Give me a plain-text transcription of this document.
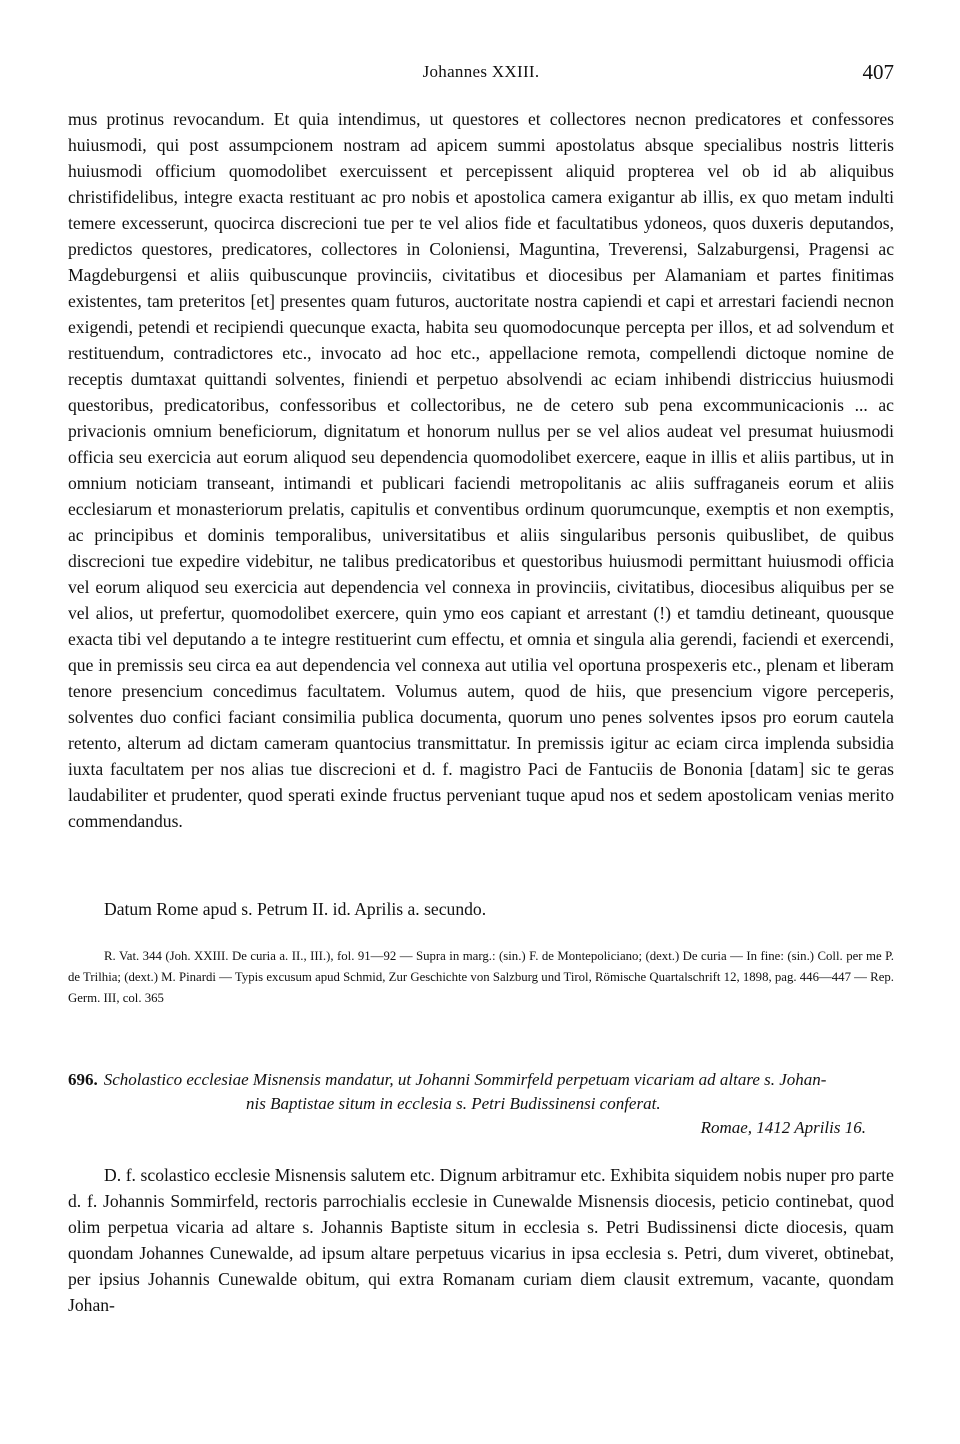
Johannes XXIII.	407

mus protinus revocandum. Et quia intendimus, ut questores et collectores necnon predicatores et confessores huiusmodi, qui post assumpcionem nostram ad apicem summi apostolatus absque specialibus nostris litteris huiusmodi officium quomodolibet exercuissent et percepissent aliquid propterea vel ob id ab aliquibus christifidelibus, integre exacta restituant ac pro nobis et apostolica camera exigantur ab illis, ex quo metam indulti temere excesserunt, quocirca discrecioni tue per te vel alios fide et facultatibus ydoneos, quos duxeris deputandos, predictos questores, predicatores, collectores in Coloniensi, Maguntina, Treverensi, Salzaburgensi, Pragensi ac Magdeburgensi et aliis quibuscunque provinciis, civitatibus et diocesibus per Alamaniam et partes finitimas existentes, tam preteritos [et] presentes quam futuros, auctoritate nostra capiendi et capi et arrestari faciendi necnon exigendi, petendi et recipiendi quecunque exacta, habita seu quomodocunque percepta per illos, et ad solvendum et restituendum, contradictores etc., invocato ad hoc etc., appellacione remota, compellendi dictoque nomine de receptis dumtaxat quittandi solventes, finiendi et perpetuo absolvendi ac eciam inhibendi districcius huiusmodi questoribus, predicatoribus, confessoribus et collectoribus, ne de cetero sub pena excommunicacionis ... ac privacionis omnium beneficiorum, dignitatum et honorum nullus per se vel alios audeat vel presumat huiusmodi officia seu exercicia aut eorum aliquod seu dependencia quomodolibet exercere, eaque in illis et aliis partibus, ut in omnium noticiam transeant, intimandi et publicari faciendi metropolitanis ac aliis suffraganeis eorum et aliis ecclesiarum et monasteriorum prelatis, capitulis et conventibus ordinum quorumcunque, exemptis et non exemptis, ac principibus et dominis temporalibus, universitatibus et aliis singularibus personis quibuslibet, de quibus discrecioni tue expedire videbitur, ne talibus predicatoribus et questoribus huiusmodi permittant huiusmodi officia vel eorum aliquod seu exercicia aut dependencia vel connexa in provinciis, civitatibus, diocesibus aliquibus per se vel alios, ut prefertur, quomodolibet exercere, quin ymo eos capiant et arrestant (!) et tamdiu detineant, quousque exacta tibi vel deputando a te integre restituerint cum effectu, et omnia et singula alia gerendi, faciendi et exercendi, que in premissis seu circa ea aut dependencia vel connexa aut utilia vel oportuna prospexeris etc., plenam et liberam tenore presencium concedimus facultatem. Volumus autem, quod de hiis, que presencium vigore perceperis, solventes duo confici faciant consimilia publica documenta, quorum uno penes solventes ipsos pro eorum cautela retento, alterum ad dictam cameram quantocius transmittatur. In premissis igitur ac eciam circa implenda subsidia iuxta facultatem per nos alias tue discrecioni et d. f. magistro Paci de Fantuciis de Bononia [datam] sic te geras laudabiliter et prudenter, quod sperati exinde fructus perveniant tuque apud nos et sedem apostolicam venias merito commendandus.

Datum Rome apud s. Petrum II. id. Aprilis a. secundo.

R. Vat. 344 (Joh. XXIII. De curia a. II., III.), fol. 91—92 — Supra in marg.: (sin.) F. de Montepoliciano; (dext.) De curia — In fine: (sin.) Coll. per me P. de Trilhia; (dext.) M. Pinardi — Typis excusum apud Schmid, Zur Geschichte von Salzburg und Tirol, Römische Quartalschrift 12, 1898, pag. 446—447 — Rep. Germ. III, col. 365

696. Scholastico ecclesiae Misnensis mandatur, ut Johanni Sommirfeld perpetuam vicariam ad altare s. Johan-
nis Baptistae situm in ecclesia s. Petri Budissinensi conferat.
Romae, 1412 Aprilis 16.

D. f. scolastico ecclesie Misnensis salutem etc. Dignum arbitramur etc. Exhibita siquidem nobis nuper pro parte d. f. Johannis Sommirfeld, rectoris parrochialis ecclesie in Cunewalde Misnensis diocesis, peticio continebat, quod olim perpetua vicaria ad altare s. Johannis Baptiste situm in ecclesia s. Petri Budissinensi dicte diocesis, quam quondam Johannes Cunewalde, ad ipsum altare perpetuus vicarius in ipsa ecclesia s. Petri, dum viveret, obtinebat, per ipsius Johannis Cunewalde obitum, qui extra Romanam curiam diem clausit extremum, vacante, quondam Johan-
